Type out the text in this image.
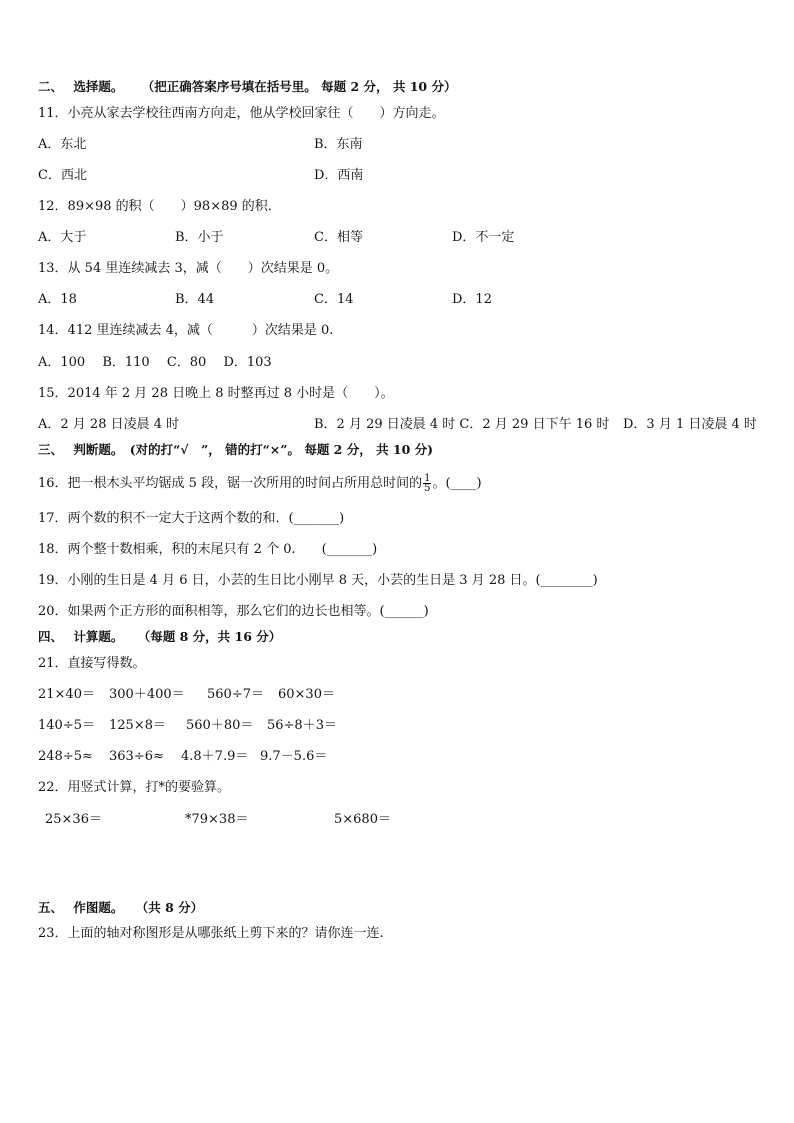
二、 选择题。 （把正确答案序号填在括号里。 每题 2 分， 共 10 分）
11．小亮从家去学校往西南方向走，他从学校回家往（　　）方向走。
A．东北	B．东南
C．西北	D．西南
12．89×98 的积（　　）98×89 的积．
A．大于	B．小于	C．相等	D．不一定
13．从 54 里连续减去 3，减（　　）次结果是 0。
A．18	B．44	C．14	D．12
14．412 里连续减去 4，减（　　　）次结果是 0.
A．100　 B．110　 C．80　 D．103
15．2014 年 2 月 28 日晚上 8 时整再过 8 小时是（　　）。
A．2 月 28 日凌晨 4 时	B．2 月 29 日凌晨 4 时 C．2 月 29 日下午 16 时 D．3 月 1 日凌晨 4 时
三、 判断题。 (对的打“√　”， 错的打“×”。 每题 2 分， 共 10 分)
16．把一根木头平均锯成 5 段，锯一次所用的时间占所用总时间的 $\frac{1}{5}$ 。(____)
17．两个数的积不一定大于这两个数的和．(_______)
18．两个整十数相乘，积的末尾只有 2 个 0.　　(_______)
19．小刚的生日是 4 月 6 日，小芸的生日比小刚早 8 天，小芸的生日是 3 月 28 日。(________)
20．如果两个正方形的面积相等，那么它们的边长也相等。(______)
四、 计算题。 （每题 8 分，共 16 分）
21．直接写得数。
21×40＝ 300＋400＝ 560÷7＝ 60×30＝
140÷5＝ 125×8＝ 560＋80＝ 56÷8＋3＝
248÷5≈ 363÷6≈ 4.8＋7.9＝ 9.7－5.6＝
22．用竖式计算，打*的要验算。
25×36＝	*79×38＝	5×680＝
五、 作图题。 （共 8 分）
23．上面的轴对称图形是从哪张纸上剪下来的？请你连一连.
